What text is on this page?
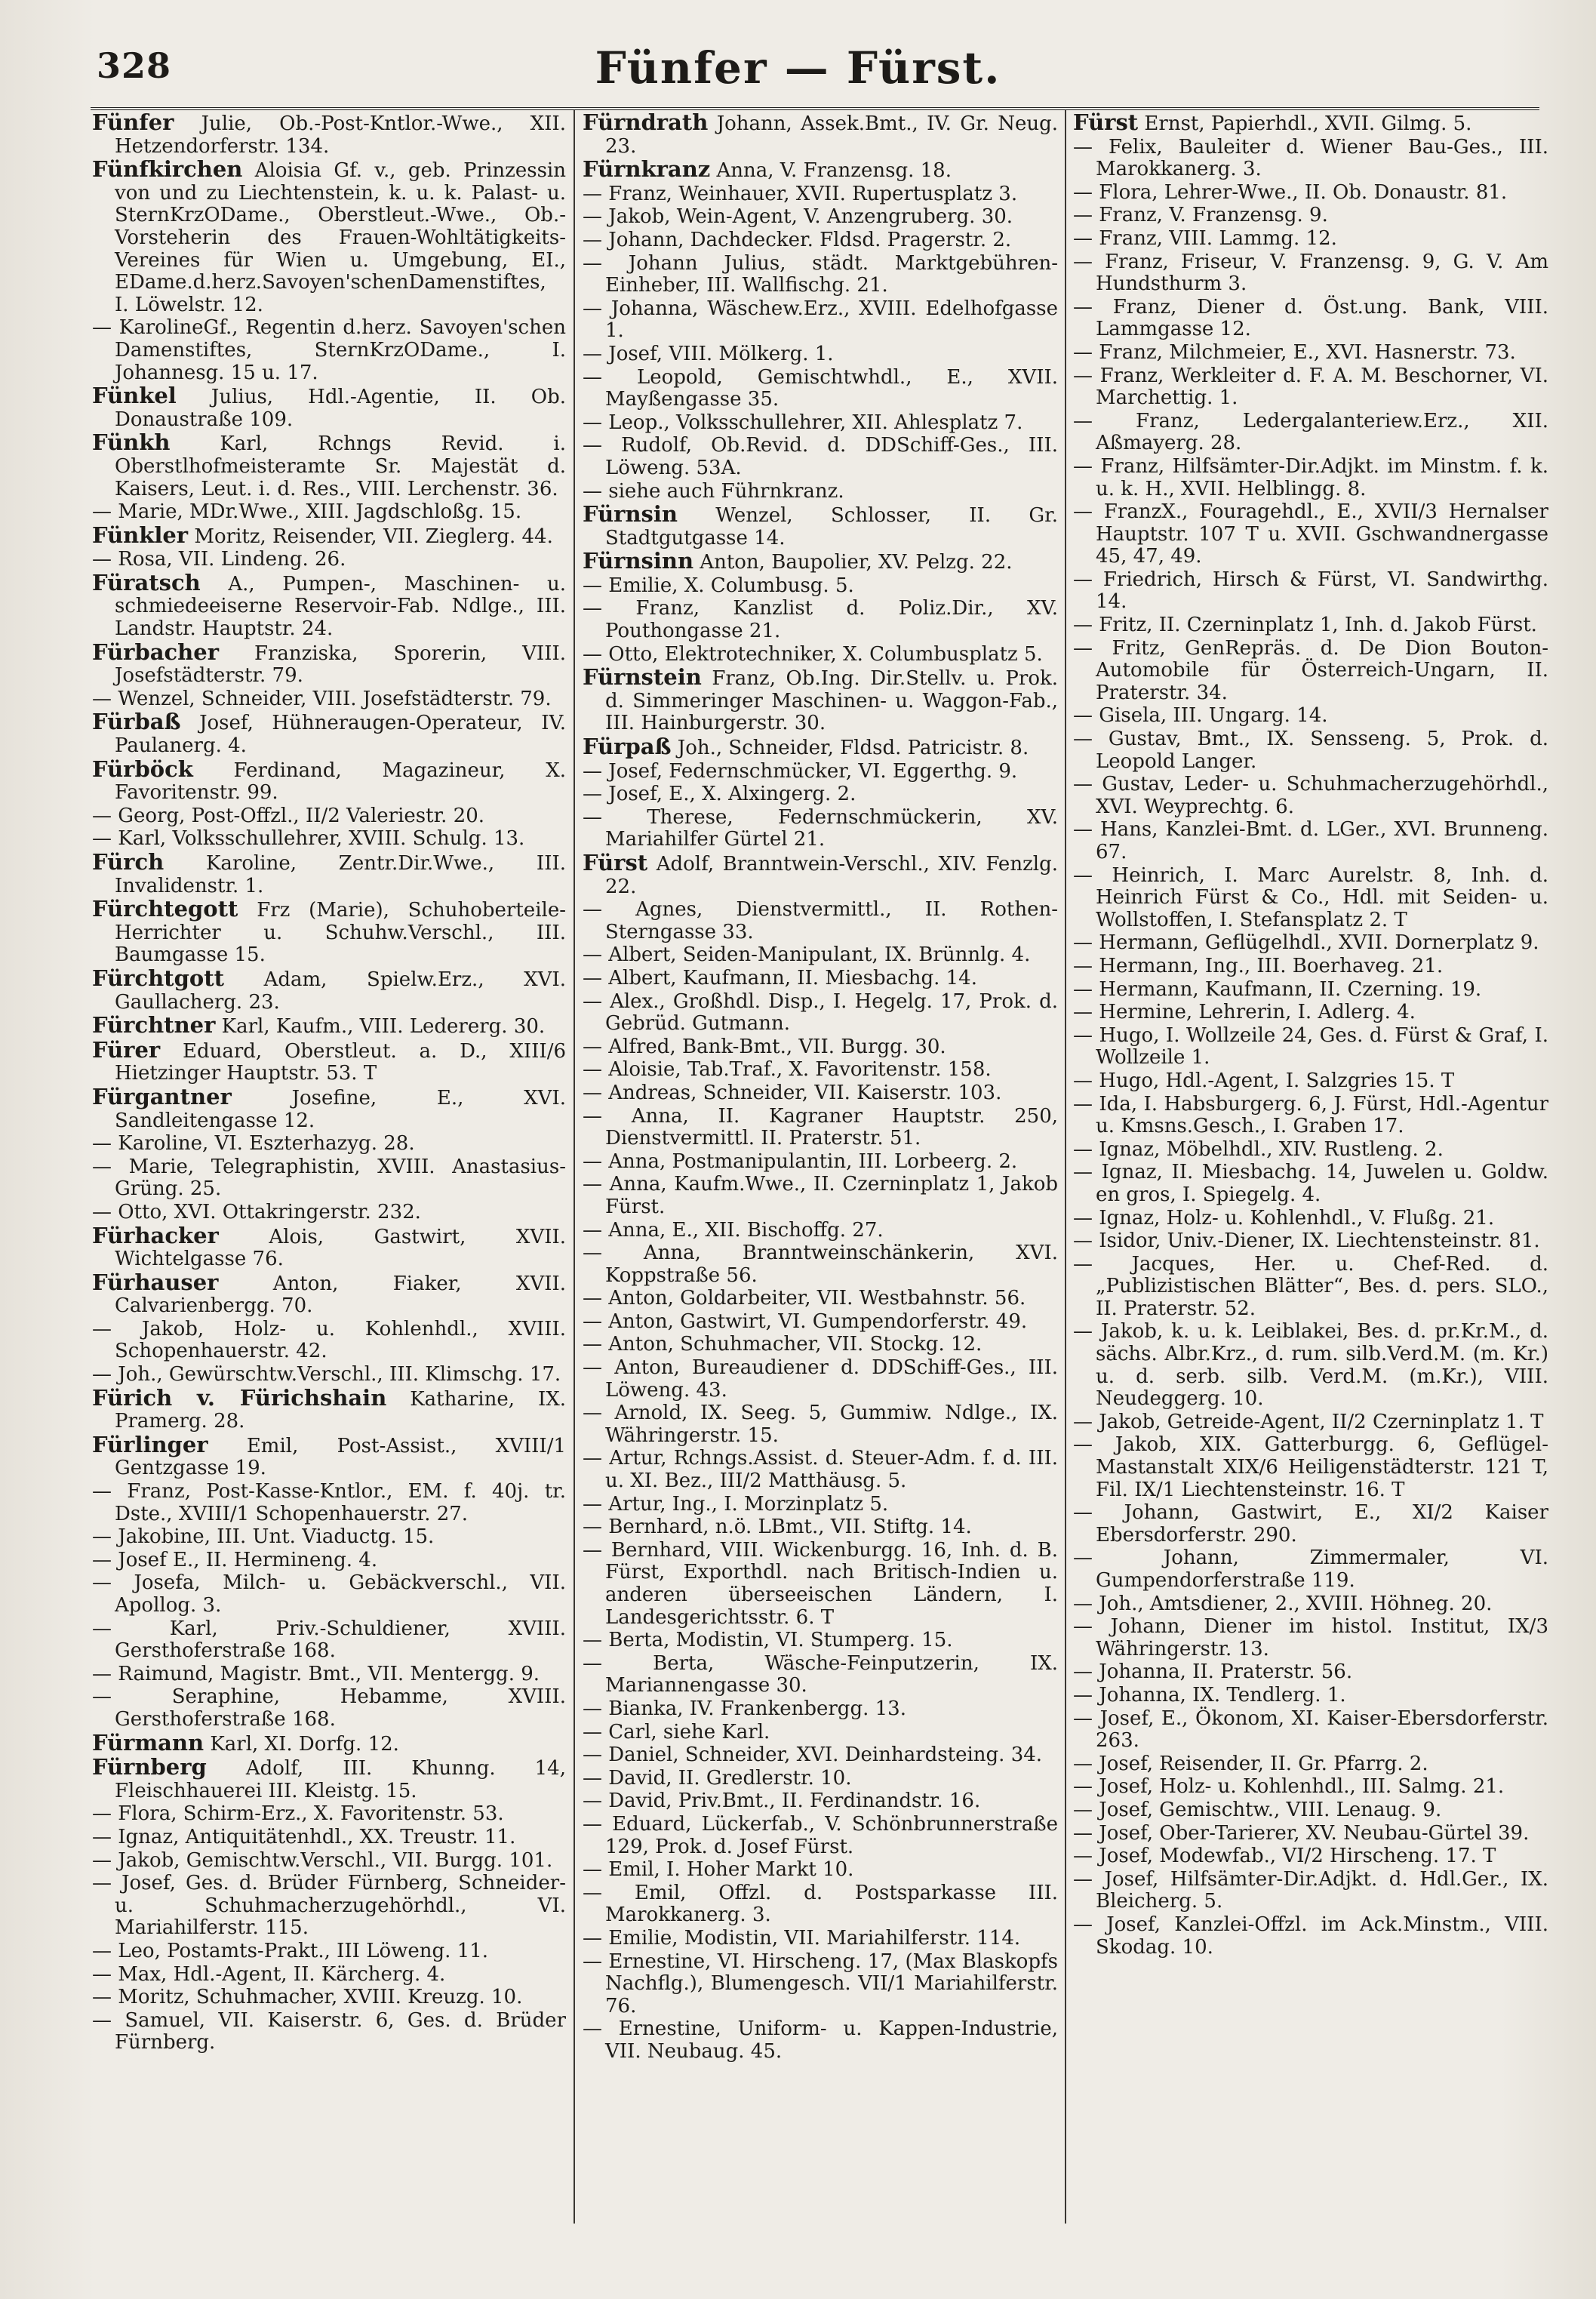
328	Fünfer — Fürst.
Fünfer Julie, Ob.-Post-Kntlor.-Wwe., XII. Hetzendorferstr. 134.
Fünfkirchen Aloisia Gf. v., geb. Prinzessin von und zu Liechtenstein, k. u. k. Palast- u. SternKrzODame., Oberstleut.-Wwe., Ob.-Vorsteherin des Frauen-Wohltätigkeits-Vereines für Wien u. Umgebung, EI., EDame.d.herz.Savoyen'schenDamenstiftes, I. Löwelstr. 12.
— KarolineGf., Regentin d.herz. Savoyen'schen Damenstiftes, SternKrzODame., I. Johannesg. 15 u. 17.
Fünkel Julius, Hdl.-Agentie, II. Ob. Donaustraße 109.
Fünkh Karl, Rchngs Revid. i. Oberstlhofmeisteramte Sr. Majestät d. Kaisers, Leut. i. d. Res., VIII. Lerchenstr. 36.
— Marie, MDr.Wwe., XIII. Jagdschloßg. 15.
Fünkler Moritz, Reisender, VII. Zieglerg. 44.
— Rosa, VII. Lindeng. 26.
Füratsch A., Pumpen-, Maschinen- u. schmiedeeiserne Reservoir-Fab. Ndlge., III. Landstr. Hauptstr. 24.
Fürbacher Franziska, Sporerin, VIII. Josefstädterstr. 79.
— Wenzel, Schneider, VIII. Josefstädterstr. 79.
Fürbaß Josef, Hühneraugen-Operateur, IV. Paulanerg. 4.
Fürböck Ferdinand, Magazineur, X. Favoritenstr. 99.
— Georg, Post-Offzl., II/2 Valeriestr. 20.
— Karl, Volksschullehrer, XVIII. Schulg. 13.
Fürch Karoline, Zentr.Dir.Wwe., III. Invalidenstr. 1.
Fürchtegott Frz (Marie), Schuhoberteile-Herrichter u. Schuhw.Verschl., III. Baumgasse 15.
Fürchtgott Adam, Spielw.Erz., XVI. Gaullacherg. 23.
Fürchtner Karl, Kaufm., VIII. Ledererg. 30.
Fürer Eduard, Oberstleut. a. D., XIII/6 Hietzinger Hauptstr. 53. T
Fürgantner Josefine, E., XVI. Sandleitengasse 12.
— Karoline, VI. Eszterhazyg. 28.
— Marie, Telegraphistin, XVIII. Anastasius-Grüng. 25.
— Otto, XVI. Ottakringerstr. 232.
Fürhacker Alois, Gastwirt, XVII. Wichtelgasse 76.
Fürhauser Anton, Fiaker, XVII. Calvarienbergg. 70.
— Jakob, Holz- u. Kohlenhdl., XVIII. Schopenhauerstr. 42.
— Joh., Gewürschtw.Verschl., III. Klimschg. 17.
Fürich v. Fürichshain Katharine, IX. Pramerg. 28.
Fürlinger Emil, Post-Assist., XVIII/1 Gentzgasse 19.
— Franz, Post-Kasse-Kntlor., EM. f. 40j. tr. Dste., XVIII/1 Schopenhauerstr. 27.
— Jakobine, III. Unt. Viaductg. 15.
— Josef E., II. Hermineng. 4.
— Josefa, Milch- u. Gebäckverschl., VII. Apollog. 3.
— Karl, Priv.-Schuldiener, XVIII. Gersthoferstraße 168.
— Raimund, Magistr. Bmt., VII. Mentergg. 9.
— Seraphine, Hebamme, XVIII. Gersthoferstraße 168.
Fürmann Karl, XI. Dorfg. 12.
Fürnberg Adolf, III. Khunng. 14, Fleischhauerei III. Kleistg. 15.
— Flora, Schirm-Erz., X. Favoritenstr. 53.
— Ignaz, Antiquitätenhdl., XX. Treustr. 11.
— Jakob, Gemischtw.Verschl., VII. Burgg. 101.
— Josef, Ges. d. Brüder Fürnberg, Schneider- u. Schuhmacherzugehörhdl., VI. Mariahilferstr. 115.
— Leo, Postamts-Prakt., III Löweng. 11.
— Max, Hdl.-Agent, II. Kärcherg. 4.
— Moritz, Schuhmacher, XVIII. Kreuzg. 10.
— Samuel, VII. Kaiserstr. 6, Ges. d. Brüder Fürnberg.
Fürndrath Johann, Assek.Bmt., IV. Gr. Neug. 23.
Fürnkranz Anna, V. Franzensg. 18.
— Franz, Weinhauer, XVII. Rupertusplatz 3.
— Jakob, Wein-Agent, V. Anzengruberg. 30.
— Johann, Dachdecker. Fldsd. Pragerstr. 2.
— Johann Julius, städt. Marktgebühren-Einheber, III. Wallfischg. 21.
— Johanna, Wäschew.Erz., XVIII. Edelhofgasse 1.
— Josef, VIII. Mölkerg. 1.
— Leopold, Gemischtwhdl., E., XVII. Mayßengasse 35.
— Leop., Volksschullehrer, XII. Ahlesplatz 7.
— Rudolf, Ob.Revid. d. DDSchiff-Ges., III. Löweng. 53A.
— siehe auch Führnkranz.
Fürnsin Wenzel, Schlosser, II. Gr. Stadtgutgasse 14.
Fürnsinn Anton, Baupolier, XV. Pelzg. 22.
— Emilie, X. Columbusg. 5.
— Franz, Kanzlist d. Poliz.Dir., XV. Pouthongasse 21.
— Otto, Elektrotechniker, X. Columbusplatz 5.
Fürnstein Franz, Ob.Ing. Dir.Stellv. u. Prok. d. Simmeringer Maschinen- u. Waggon-Fab., III. Hainburgerstr. 30.
Fürpaß Joh., Schneider, Fldsd. Patricistr. 8.
— Josef, Federnschmücker, VI. Eggerthg. 9.
— Josef, E., X. Alxingerg. 2.
— Therese, Federnschmückerin, XV. Mariahilfer Gürtel 21.
Fürst Adolf, Branntwein-Verschl., XIV. Fenzlg. 22.
— Agnes, Dienstvermittl., II. Rothen-Sterngasse 33.
— Albert, Seiden-Manipulant, IX. Brünnlg. 4.
— Albert, Kaufmann, II. Miesbachg. 14.
— Alex., Großhdl. Disp., I. Hegelg. 17, Prok. d. Gebrüd. Gutmann.
— Alfred, Bank-Bmt., VII. Burgg. 30.
— Aloisie, Tab.Traf., X. Favoritenstr. 158.
— Andreas, Schneider, VII. Kaiserstr. 103.
— Anna, II. Kagraner Hauptstr. 250, Dienstvermittl. II. Praterstr. 51.
— Anna, Postmanipulantin, III. Lorbeerg. 2.
— Anna, Kaufm.Wwe., II. Czerninplatz 1, Jakob Fürst.
— Anna, E., XII. Bischoffg. 27.
— Anna, Branntweinschänkerin, XVI. Koppstraße 56.
— Anton, Goldarbeiter, VII. Westbahnstr. 56.
— Anton, Gastwirt, VI. Gumpendorferstr. 49.
— Anton, Schuhmacher, VII. Stockg. 12.
— Anton, Bureaudiener d. DDSchiff-Ges., III. Löweng. 43.
— Arnold, IX. Seeg. 5, Gummiw. Ndlge., IX. Währingerstr. 15.
— Artur, Rchngs.Assist. d. Steuer-Adm. f. d. III. u. XI. Bez., III/2 Matthäusg. 5.
— Artur, Ing., I. Morzinplatz 5.
— Bernhard, n.ö. LBmt., VII. Stiftg. 14.
— Bernhard, VIII. Wickenburgg. 16, Inh. d. B. Fürst, Exporthdl. nach Britisch-Indien u. anderen überseeischen Ländern, I. Landesgerichtsstr. 6. T
— Berta, Modistin, VI. Stumperg. 15.
— Berta, Wäsche-Feinputzerin, IX. Mariannengasse 30.
— Bianka, IV. Frankenbergg. 13.
— Carl, siehe Karl.
— Daniel, Schneider, XVI. Deinhardsteing. 34.
— David, II. Gredlerstr. 10.
— David, Priv.Bmt., II. Ferdinandstr. 16.
— Eduard, Lückerfab., V. Schönbrunnerstraße 129, Prok. d. Josef Fürst.
— Emil, I. Hoher Markt 10.
— Emil, Offzl. d. Postsparkasse III. Marokkanerg. 3.
— Emilie, Modistin, VII. Mariahilferstr. 114.
— Ernestine, VI. Hirscheng. 17, (Max Blaskopfs Nachflg.), Blumengesch. VII/1 Mariahilferstr. 76.
— Ernestine, Uniform- u. Kappen-Industrie, VII. Neubaug. 45.
Fürst Ernst, Papierhdl., XVII. Gilmg. 5.
— Felix, Bauleiter d. Wiener Bau-Ges., III. Marokkanerg. 3.
— Flora, Lehrer-Wwe., II. Ob. Donaustr. 81.
— Franz, V. Franzensg. 9.
— Franz, VIII. Lammg. 12.
— Franz, Friseur, V. Franzensg. 9, G. V. Am Hundsthurm 3.
— Franz, Diener d. Öst.ung. Bank, VIII. Lammgasse 12.
— Franz, Milchmeier, E., XVI. Hasnerstr. 73.
— Franz, Werkleiter d. F. A. M. Beschorner, VI. Marchettig. 1.
— Franz, Ledergalanteriew.Erz., XII. Aßmayerg. 28.
— Franz, Hilfsämter-Dir.Adjkt. im Minstm. f. k. u. k. H., XVII. Helblingg. 8.
— FranzX., Fouragehdl., E., XVII/3 Hernalser Hauptstr. 107 T u. XVII. Gschwandnergasse 45, 47, 49.
— Friedrich, Hirsch & Fürst, VI. Sandwirthg. 14.
— Fritz, II. Czerninplatz 1, Inh. d. Jakob Fürst.
— Fritz, GenRepräs. d. De Dion Bouton-Automobile für Österreich-Ungarn, II. Praterstr. 34.
— Gisela, III. Ungarg. 14.
— Gustav, Bmt., IX. Sensseng. 5, Prok. d. Leopold Langer.
— Gustav, Leder- u. Schuhmacherzugehörhdl., XVI. Weyprechtg. 6.
— Hans, Kanzlei-Bmt. d. LGer., XVI. Brunneng. 67.
— Heinrich, I. Marc Aurelstr. 8, Inh. d. Heinrich Fürst & Co., Hdl. mit Seiden- u. Wollstoffen, I. Stefansplatz 2. T
— Hermann, Geflügelhdl., XVII. Dornerplatz 9.
— Hermann, Ing., III. Boerhaveg. 21.
— Hermann, Kaufmann, II. Czerning. 19.
— Hermine, Lehrerin, I. Adlerg. 4.
— Hugo, I. Wollzeile 24, Ges. d. Fürst & Graf, I. Wollzeile 1.
— Hugo, Hdl.-Agent, I. Salzgries 15. T
— Ida, I. Habsburgerg. 6, J. Fürst, Hdl.-Agentur u. Kmsns.Gesch., I. Graben 17.
— Ignaz, Möbelhdl., XIV. Rustleng. 2.
— Ignaz, II. Miesbachg. 14, Juwelen u. Goldw. en gros, I. Spiegelg. 4.
— Ignaz, Holz- u. Kohlenhdl., V. Flußg. 21.
— Isidor, Univ.-Diener, IX. Liechtensteinstr. 81.
— Jacques, Her. u. Chef-Red. d. „Publizistischen Blätter“, Bes. d. pers. SLO., II. Praterstr. 52.
— Jakob, k. u. k. Leiblakei, Bes. d. pr.Kr.M., d. sächs. Albr.Krz., d. rum. silb.Verd.M. (m. Kr.) u. d. serb. silb. Verd.M. (m.Kr.), VIII. Neudeggerg. 10.
— Jakob, Getreide-Agent, II/2 Czerninplatz 1. T
— Jakob, XIX. Gatterburgg. 6, Geflügel-Mastanstalt XIX/6 Heiligenstädterstr. 121 T, Fil. IX/1 Liechtensteinstr. 16. T
— Johann, Gastwirt, E., XI/2 Kaiser Ebersdorferstr. 290.
— Johann, Zimmermaler, VI. Gumpendorferstraße 119.
— Joh., Amtsdiener, 2., XVIII. Höhneg. 20.
— Johann, Diener im histol. Institut, IX/3 Währingerstr. 13.
— Johanna, II. Praterstr. 56.
— Johanna, IX. Tendlerg. 1.
— Josef, E., Ökonom, XI. Kaiser-Ebersdorferstr. 263.
— Josef, Reisender, II. Gr. Pfarrg. 2.
— Josef, Holz- u. Kohlenhdl., III. Salmg. 21.
— Josef, Gemischtw., VIII. Lenaug. 9.
— Josef, Ober-Tarierer, XV. Neubau-Gürtel 39.
— Josef, Modewfab., VI/2 Hirscheng. 17. T
— Josef, Hilfsämter-Dir.Adjkt. d. Hdl.Ger., IX. Bleicherg. 5.
— Josef, Kanzlei-Offzl. im Ack.Minstm., VIII. Skodag. 10.
